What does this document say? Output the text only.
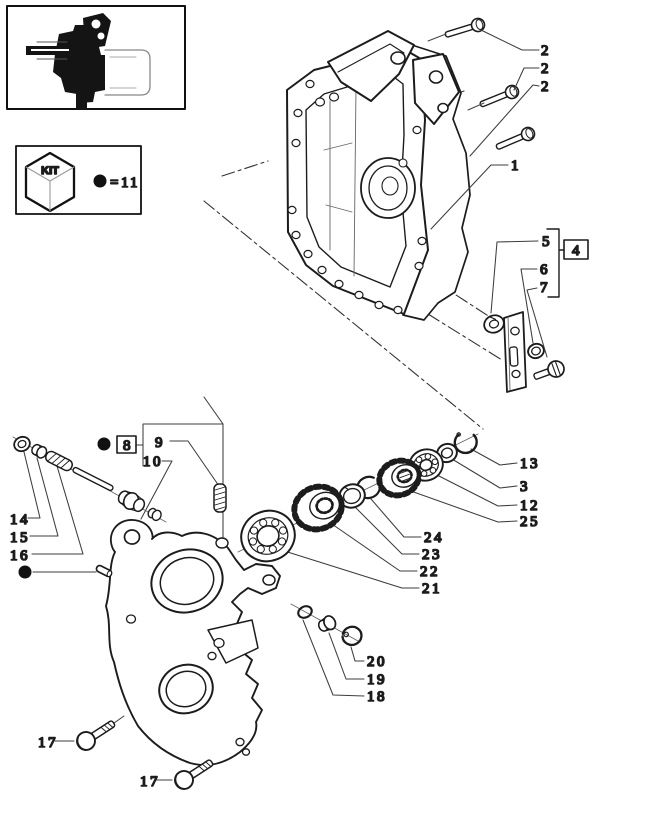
KIT
= 11
2
2
2
1
5
4
6
7
13
3
12
25
24
23
22
21
20
19
18
14
15
16
17
17
8 9
10
